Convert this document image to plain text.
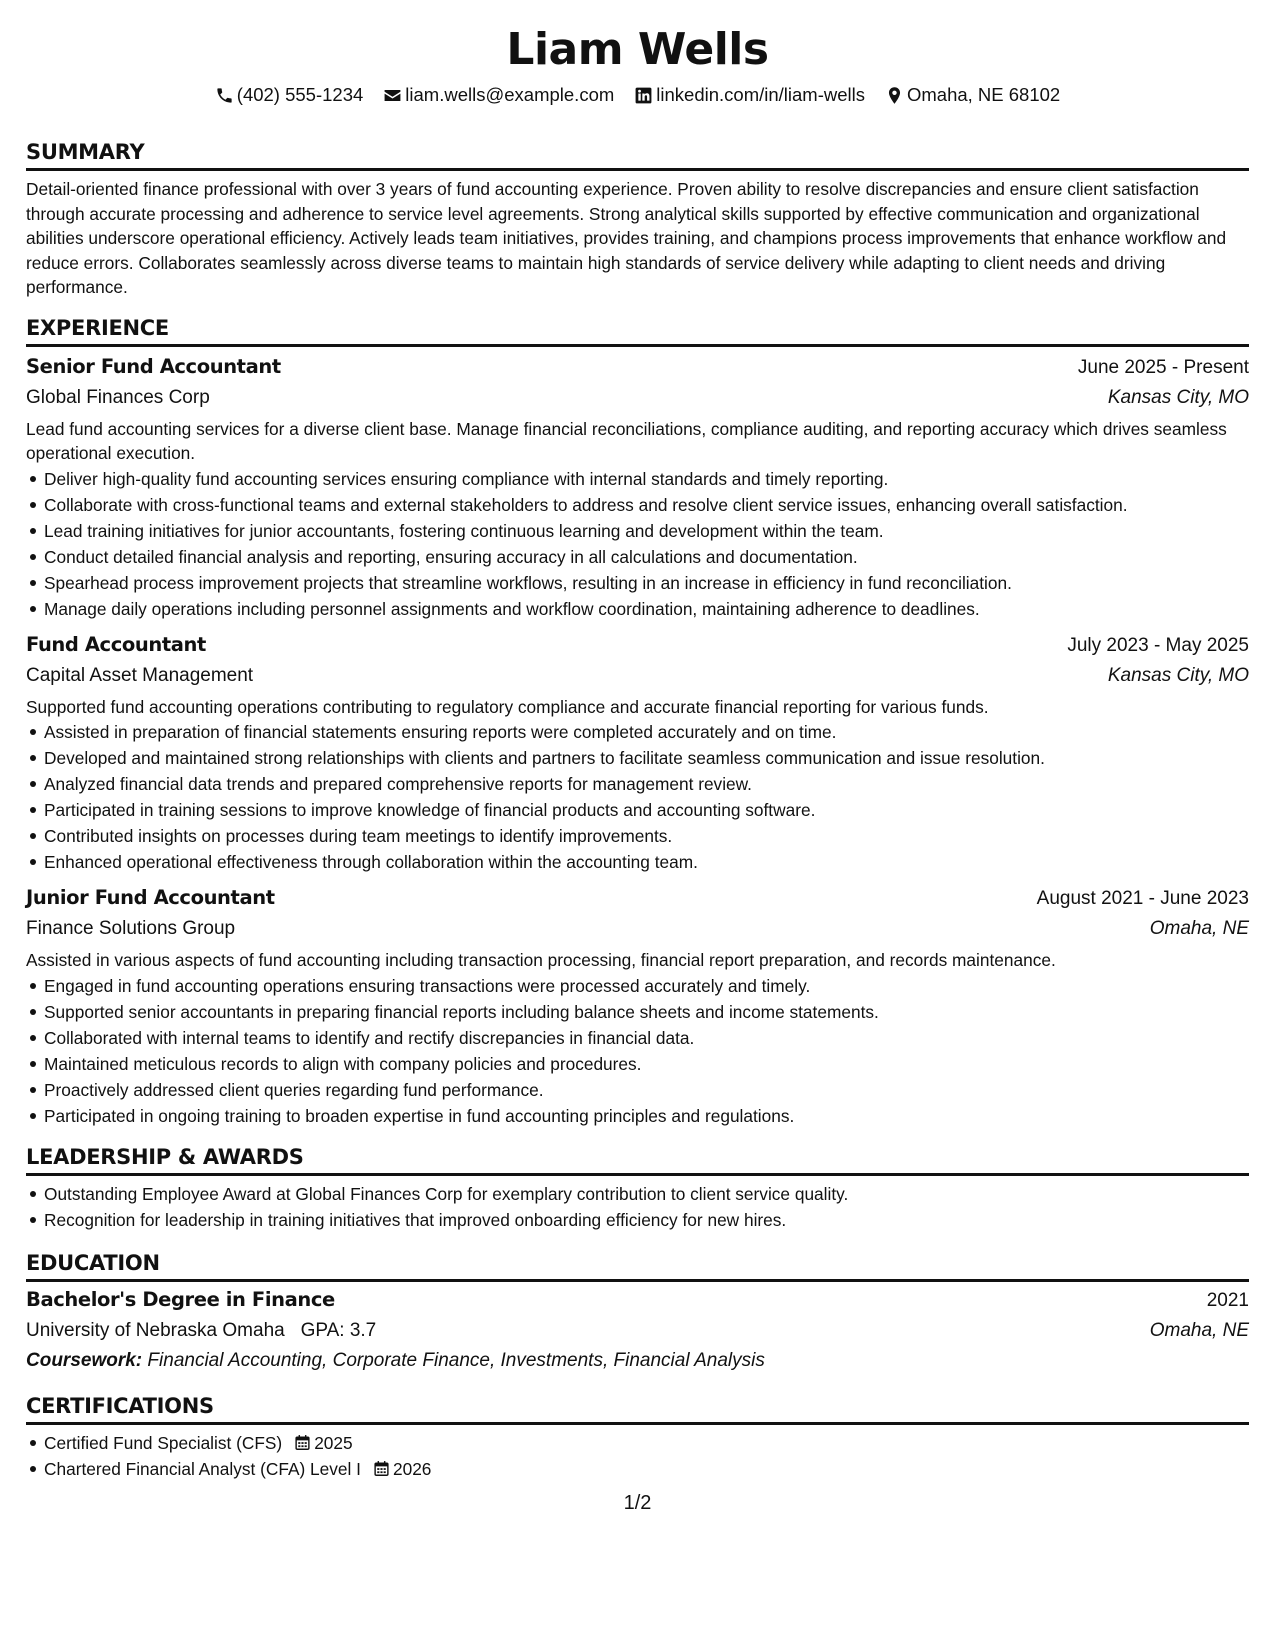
Liam Wells
(402) 555-1234 liam.wells@example.com linkedin.com/in/liam-wells Omaha, NE 68102
SUMMARY
Detail-oriented finance professional with over 3 years of fund accounting experience. Proven ability to resolve discrepancies and ensure client satisfaction through accurate processing and adherence to service level agreements. Strong analytical skills supported by effective communication and organizational abilities underscore operational efficiency. Actively leads team initiatives, provides training, and champions process improvements that enhance workflow and reduce errors. Collaborates seamlessly across diverse teams to maintain high standards of service delivery while adapting to client needs and driving performance.
EXPERIENCE
Senior Fund Accountant	June 2025 - Present
Global Finances Corp	Kansas City, MO
Lead fund accounting services for a diverse client base. Manage financial reconciliations, compliance auditing, and reporting accuracy which drives seamless operational execution.
Deliver high-quality fund accounting services ensuring compliance with internal standards and timely reporting.
Collaborate with cross-functional teams and external stakeholders to address and resolve client service issues, enhancing overall satisfaction.
Lead training initiatives for junior accountants, fostering continuous learning and development within the team.
Conduct detailed financial analysis and reporting, ensuring accuracy in all calculations and documentation.
Spearhead process improvement projects that streamline workflows, resulting in an increase in efficiency in fund reconciliation.
Manage daily operations including personnel assignments and workflow coordination, maintaining adherence to deadlines.
Fund Accountant	July 2023 - May 2025
Capital Asset Management	Kansas City, MO
Supported fund accounting operations contributing to regulatory compliance and accurate financial reporting for various funds.
Assisted in preparation of financial statements ensuring reports were completed accurately and on time.
Developed and maintained strong relationships with clients and partners to facilitate seamless communication and issue resolution.
Analyzed financial data trends and prepared comprehensive reports for management review.
Participated in training sessions to improve knowledge of financial products and accounting software.
Contributed insights on processes during team meetings to identify improvements.
Enhanced operational effectiveness through collaboration within the accounting team.
Junior Fund Accountant	August 2021 - June 2023
Finance Solutions Group	Omaha, NE
Assisted in various aspects of fund accounting including transaction processing, financial report preparation, and records maintenance.
Engaged in fund accounting operations ensuring transactions were processed accurately and timely.
Supported senior accountants in preparing financial reports including balance sheets and income statements.
Collaborated with internal teams to identify and rectify discrepancies in financial data.
Maintained meticulous records to align with company policies and procedures.
Proactively addressed client queries regarding fund performance.
Participated in ongoing training to broaden expertise in fund accounting principles and regulations.
LEADERSHIP & AWARDS
Outstanding Employee Award at Global Finances Corp for exemplary contribution to client service quality.
Recognition for leadership in training initiatives that improved onboarding efficiency for new hires.
EDUCATION
Bachelor's Degree in Finance	2021
University of Nebraska Omaha GPA: 3.7	Omaha, NE
Coursework: Financial Accounting, Corporate Finance, Investments, Financial Analysis
CERTIFICATIONS
Certified Fund Specialist (CFS) 2025
Chartered Financial Analyst (CFA) Level I 2026
1/2
